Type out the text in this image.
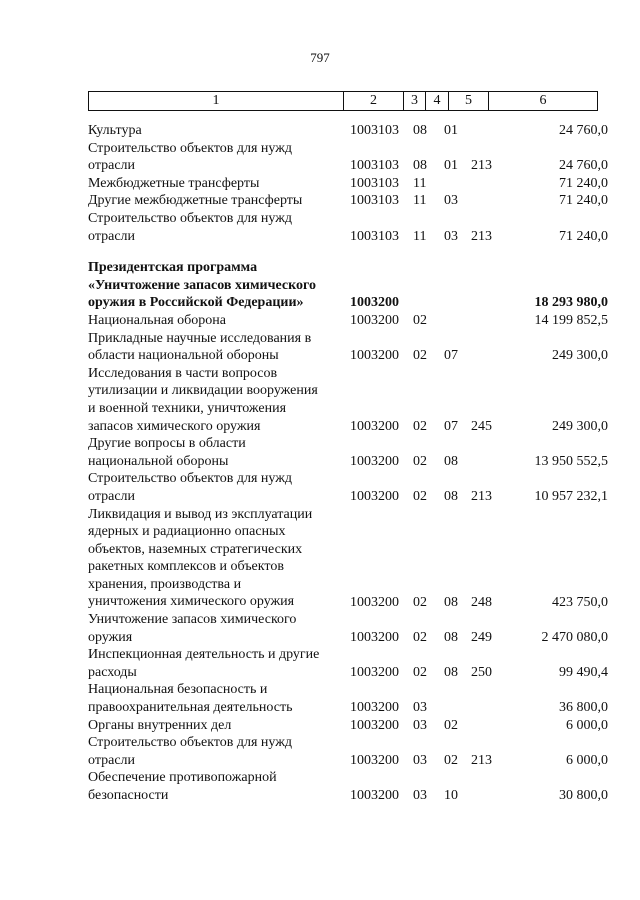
797
1	2	3	4	5	6
Культура	1003103 08 01	24 760,0
Строительство объектов для нужд
отрасли	1003103 08 01 213	24 760,0
Межбюджетные трансферты	1003103 11	71 240,0
Другие межбюджетные трансферты	1003103 11 03	71 240,0
Строительство объектов для нужд
отрасли	1003103 11 03 213	71 240,0
Президентская программа
«Уничтожение запасов химического
оружия в Российской Федерации»	1003200	18 293 980,0
Национальная оборона	1003200 02	14 199 852,5
Прикладные научные исследования в
области национальной обороны	1003200 02 07	249 300,0
Исследования в части вопросов
утилизации и ликвидации вооружения
и военной техники, уничтожения
запасов химического оружия	1003200 02 07 245	249 300,0
Другие вопросы в области
национальной обороны	1003200 02 08	13 950 552,5
Строительство объектов для нужд
отрасли	1003200 02 08 213	10 957 232,1
Ликвидация и вывод из эксплуатации
ядерных и радиационно опасных
объектов, наземных стратегических
ракетных комплексов и объектов
хранения, производства и
уничтожения химического оружия	1003200 02 08 248	423 750,0
Уничтожение запасов химического
оружия	1003200 02 08 249	2 470 080,0
Инспекционная деятельность и другие
расходы	1003200 02 08 250	99 490,4
Национальная безопасность и
правоохранительная деятельность	1003200 03	36 800,0
Органы внутренних дел	1003200 03 02	6 000,0
Строительство объектов для нужд
отрасли	1003200 03 02 213	6 000,0
Обеспечение противопожарной
безопасности	1003200 03 10	30 800,0
